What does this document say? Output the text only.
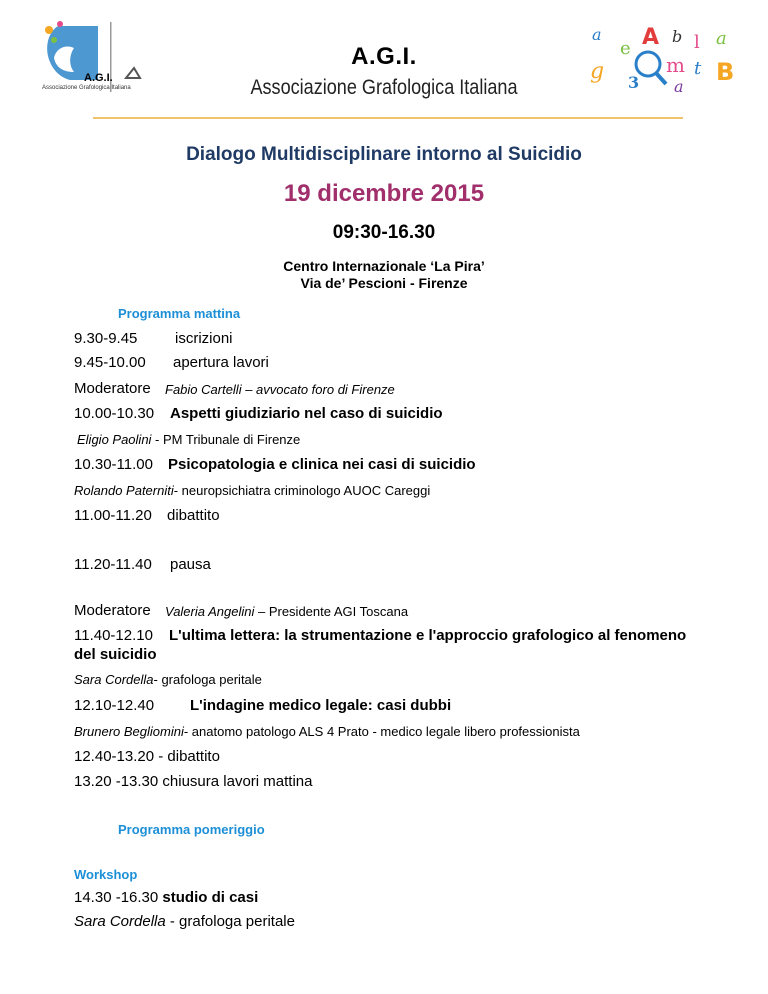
A.G.I.
Associazione Grafologica Italiana
A.G.I.
Associazione Grafologica Italiana
a
e A b l a
g	m t B
3 a
Dialogo Multidisciplinare intorno al Suicidio
19 dicembre 2015
09:30-16.30
Centro Internazionale ‘La Pira’
Via de’ Pescioni - Firenze
Programma mattina
9.30-9.45	iscrizioni
9.45-10.00 apertura lavori
Moderatore Fabio Cartelli – avvocato foro di Firenze
10.00-10.30 Aspetti giudiziario nel caso di suicidio
Eligio Paolini - PM Tribunale di Firenze
10.30-11.00 Psicopatologia e clinica nei casi di suicidio
Rolando Paterniti- neuropsichiatra criminologo AUOC Careggi
11.00-11.20 dibattito
11.20-11.40 pausa
Moderatore Valeria Angelini – Presidente AGI Toscana
11.40-12.10 L'ultima lettera: la strumentazione e l'approccio grafologico al fenomeno
del suicidio
Sara Cordella- grafologa peritale
12.10-12.40 L'indagine medico legale: casi dubbi
Brunero Begliomini- anatomo patologo ALS 4 Prato - medico legale libero professionista
12.40-13.20 - dibattito
13.20 -13.30 chiusura lavori mattina
Programma pomeriggio
Workshop
14.30 -16.30 studio di casi
Sara Cordella - grafologa peritale
